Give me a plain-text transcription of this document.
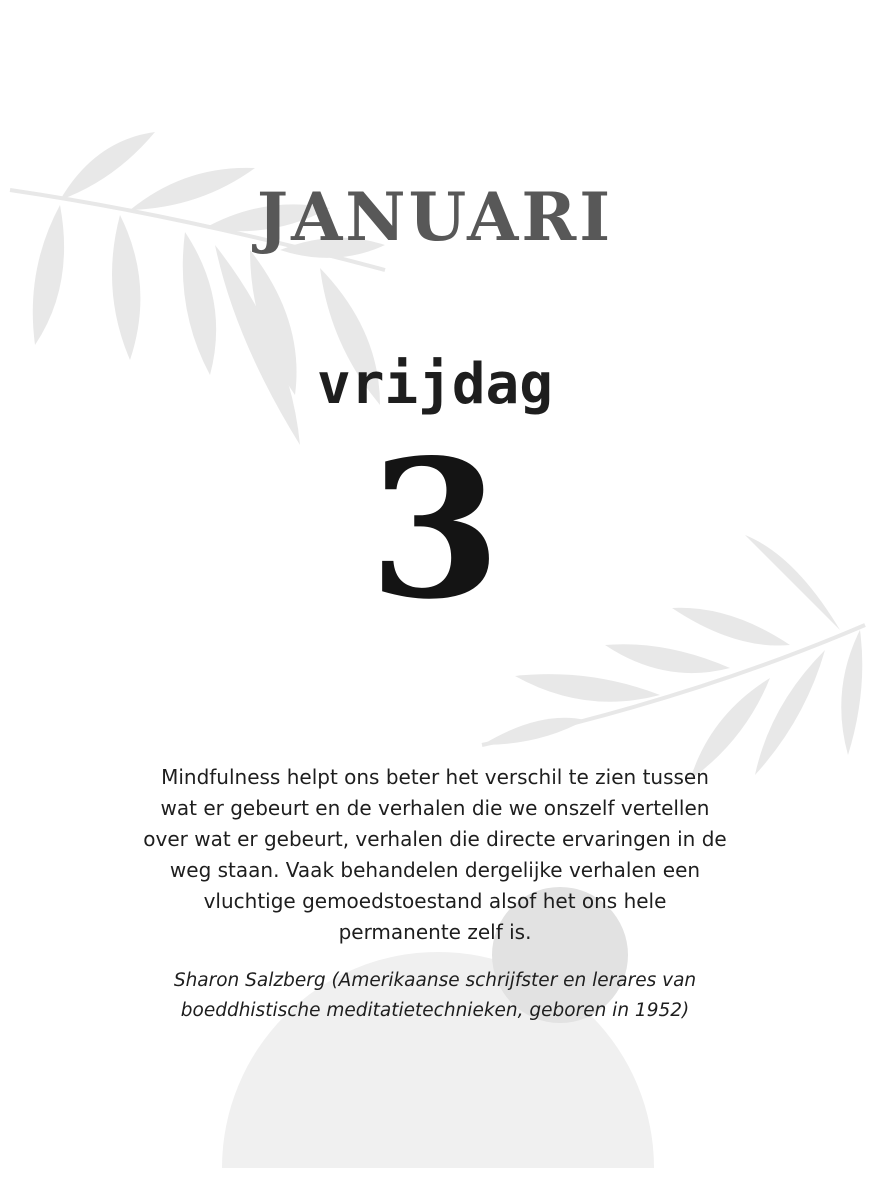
JANUARI
vrijdag
3

Mindfulness helpt ons beter het verschil te zien tussen wat er gebeurt en de verhalen die we onszelf vertellen over wat er gebeurt, verhalen die directe ervaringen in de weg staan. Vaak behandelen dergelijke verhalen een vluchtige gemoedstoestand alsof het ons hele permanente zelf is.

Sharon Salzberg (Amerikaanse schrijfster en lerares van boeddhistische meditatietechnieken, geboren in 1952)
